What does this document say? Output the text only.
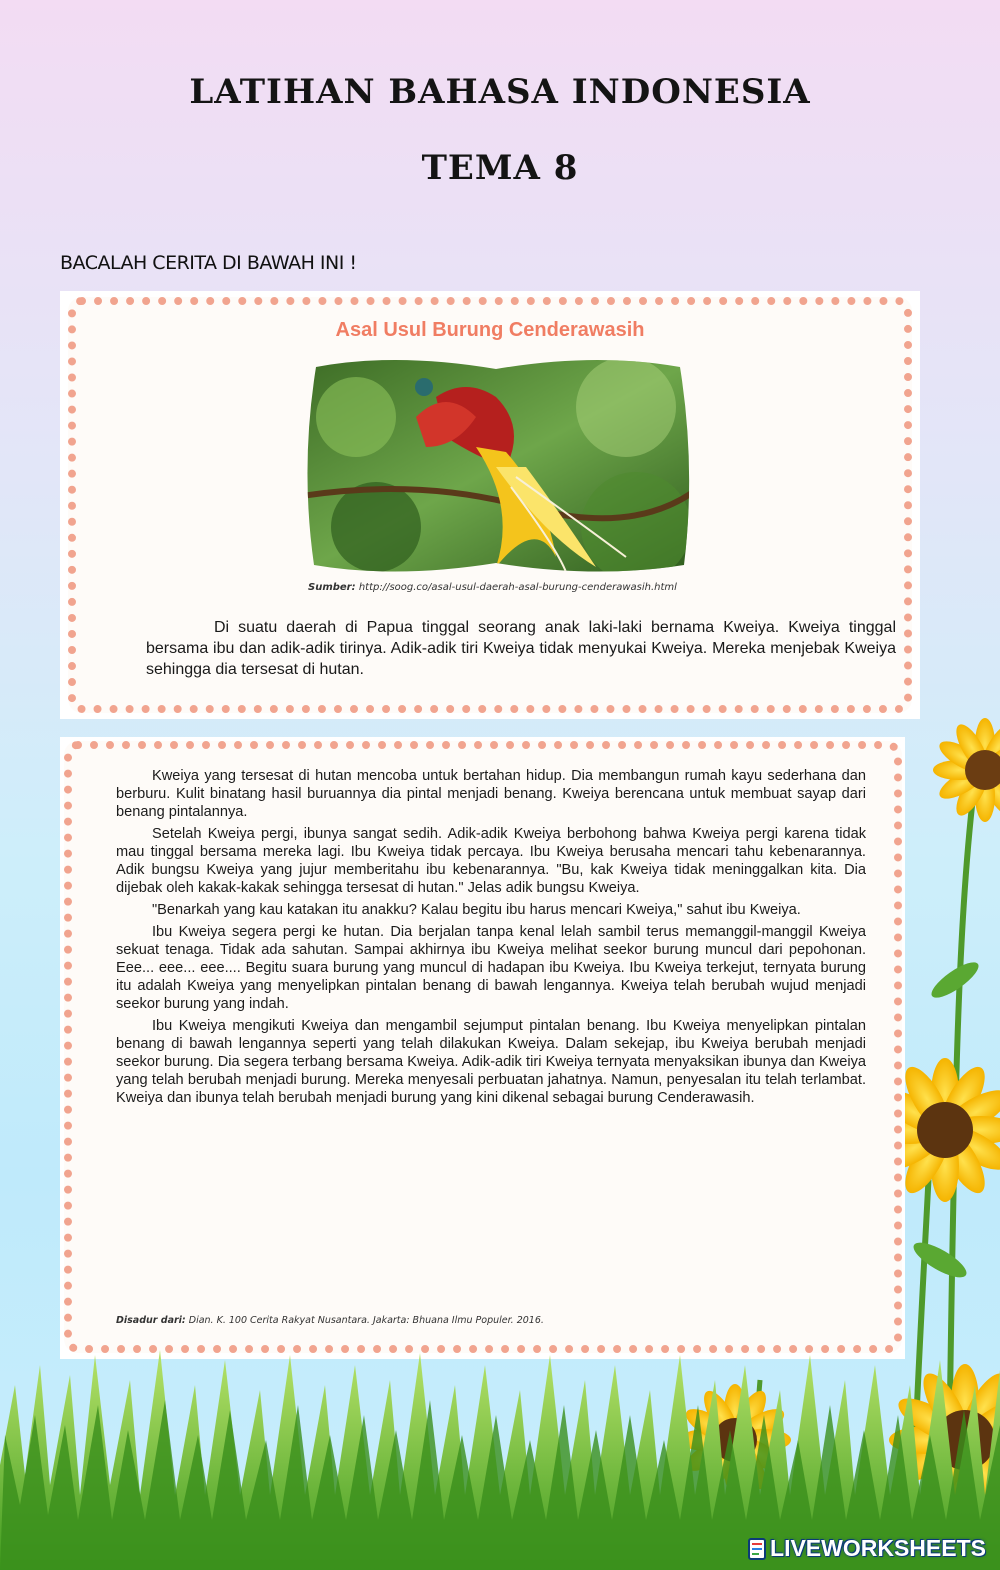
LATIHAN BAHASA INDONESIA
TEMA 8
BACALAH CERITA DI BAWAH INI !
Asal Usul Burung Cenderawasih
Sumber: http://soog.co/asal-usul-daerah-asal-burung-cenderawasih.html

Di suatu daerah di Papua tinggal seorang anak laki-laki bernama Kweiya. Kweiya tinggal bersama ibu dan adik-adik tirinya. Adik-adik tiri Kweiya tidak menyukai Kweiya. Mereka menjebak Kweiya sehingga dia tersesat di hutan.

Kweiya yang tersesat di hutan mencoba untuk bertahan hidup. Dia membangun rumah kayu sederhana dan berburu. Kulit binatang hasil buruannya dia pintal menjadi benang. Kweiya berencana untuk membuat sayap dari benang pintalannya.

Setelah Kweiya pergi, ibunya sangat sedih. Adik-adik Kweiya berbohong bahwa Kweiya pergi karena tidak mau tinggal bersama mereka lagi. Ibu Kweiya tidak percaya. Ibu Kweiya berusaha mencari tahu kebenarannya. Adik bungsu Kweiya yang jujur memberitahu ibu kebenarannya. "Bu, kak Kweiya tidak meninggalkan kita. Dia dijebak oleh kakak-kakak sehingga tersesat di hutan." Jelas adik bungsu Kweiya.

"Benarkah yang kau katakan itu anakku? Kalau begitu ibu harus mencari Kweiya," sahut ibu Kweiya.

Ibu Kweiya segera pergi ke hutan. Dia berjalan tanpa kenal lelah sambil terus memanggil-manggil Kweiya sekuat tenaga. Tidak ada sahutan. Sampai akhirnya ibu Kweiya melihat seekor burung muncul dari pepohonan. Eee... eee... eee.... Begitu suara burung yang muncul di hadapan ibu Kweiya. Ibu Kweiya terkejut, ternyata burung itu adalah Kweiya yang menyelipkan pintalan benang di bawah lengannya. Kweiya telah berubah wujud menjadi seekor burung yang indah.

Ibu Kweiya mengikuti Kweiya dan mengambil sejumput pintalan benang. Ibu Kweiya menyelipkan pintalan benang di bawah lengannya seperti yang telah dilakukan Kweiya. Dalam sekejap, ibu Kweiya berubah menjadi seekor burung. Dia segera terbang bersama Kweiya. Adik-adik tiri Kweiya ternyata menyaksikan ibunya dan Kweiya yang telah berubah menjadi burung. Mereka menyesali perbuatan jahatnya. Namun, penyesalan itu telah terlambat. Kweiya dan ibunya telah berubah menjadi burung yang kini dikenal sebagai burung Cenderawasih.

Disadur dari: Dian. K. 100 Cerita Rakyat Nusantara. Jakarta: Bhuana Ilmu Populer. 2016.
LIVEWORKSHEETS
